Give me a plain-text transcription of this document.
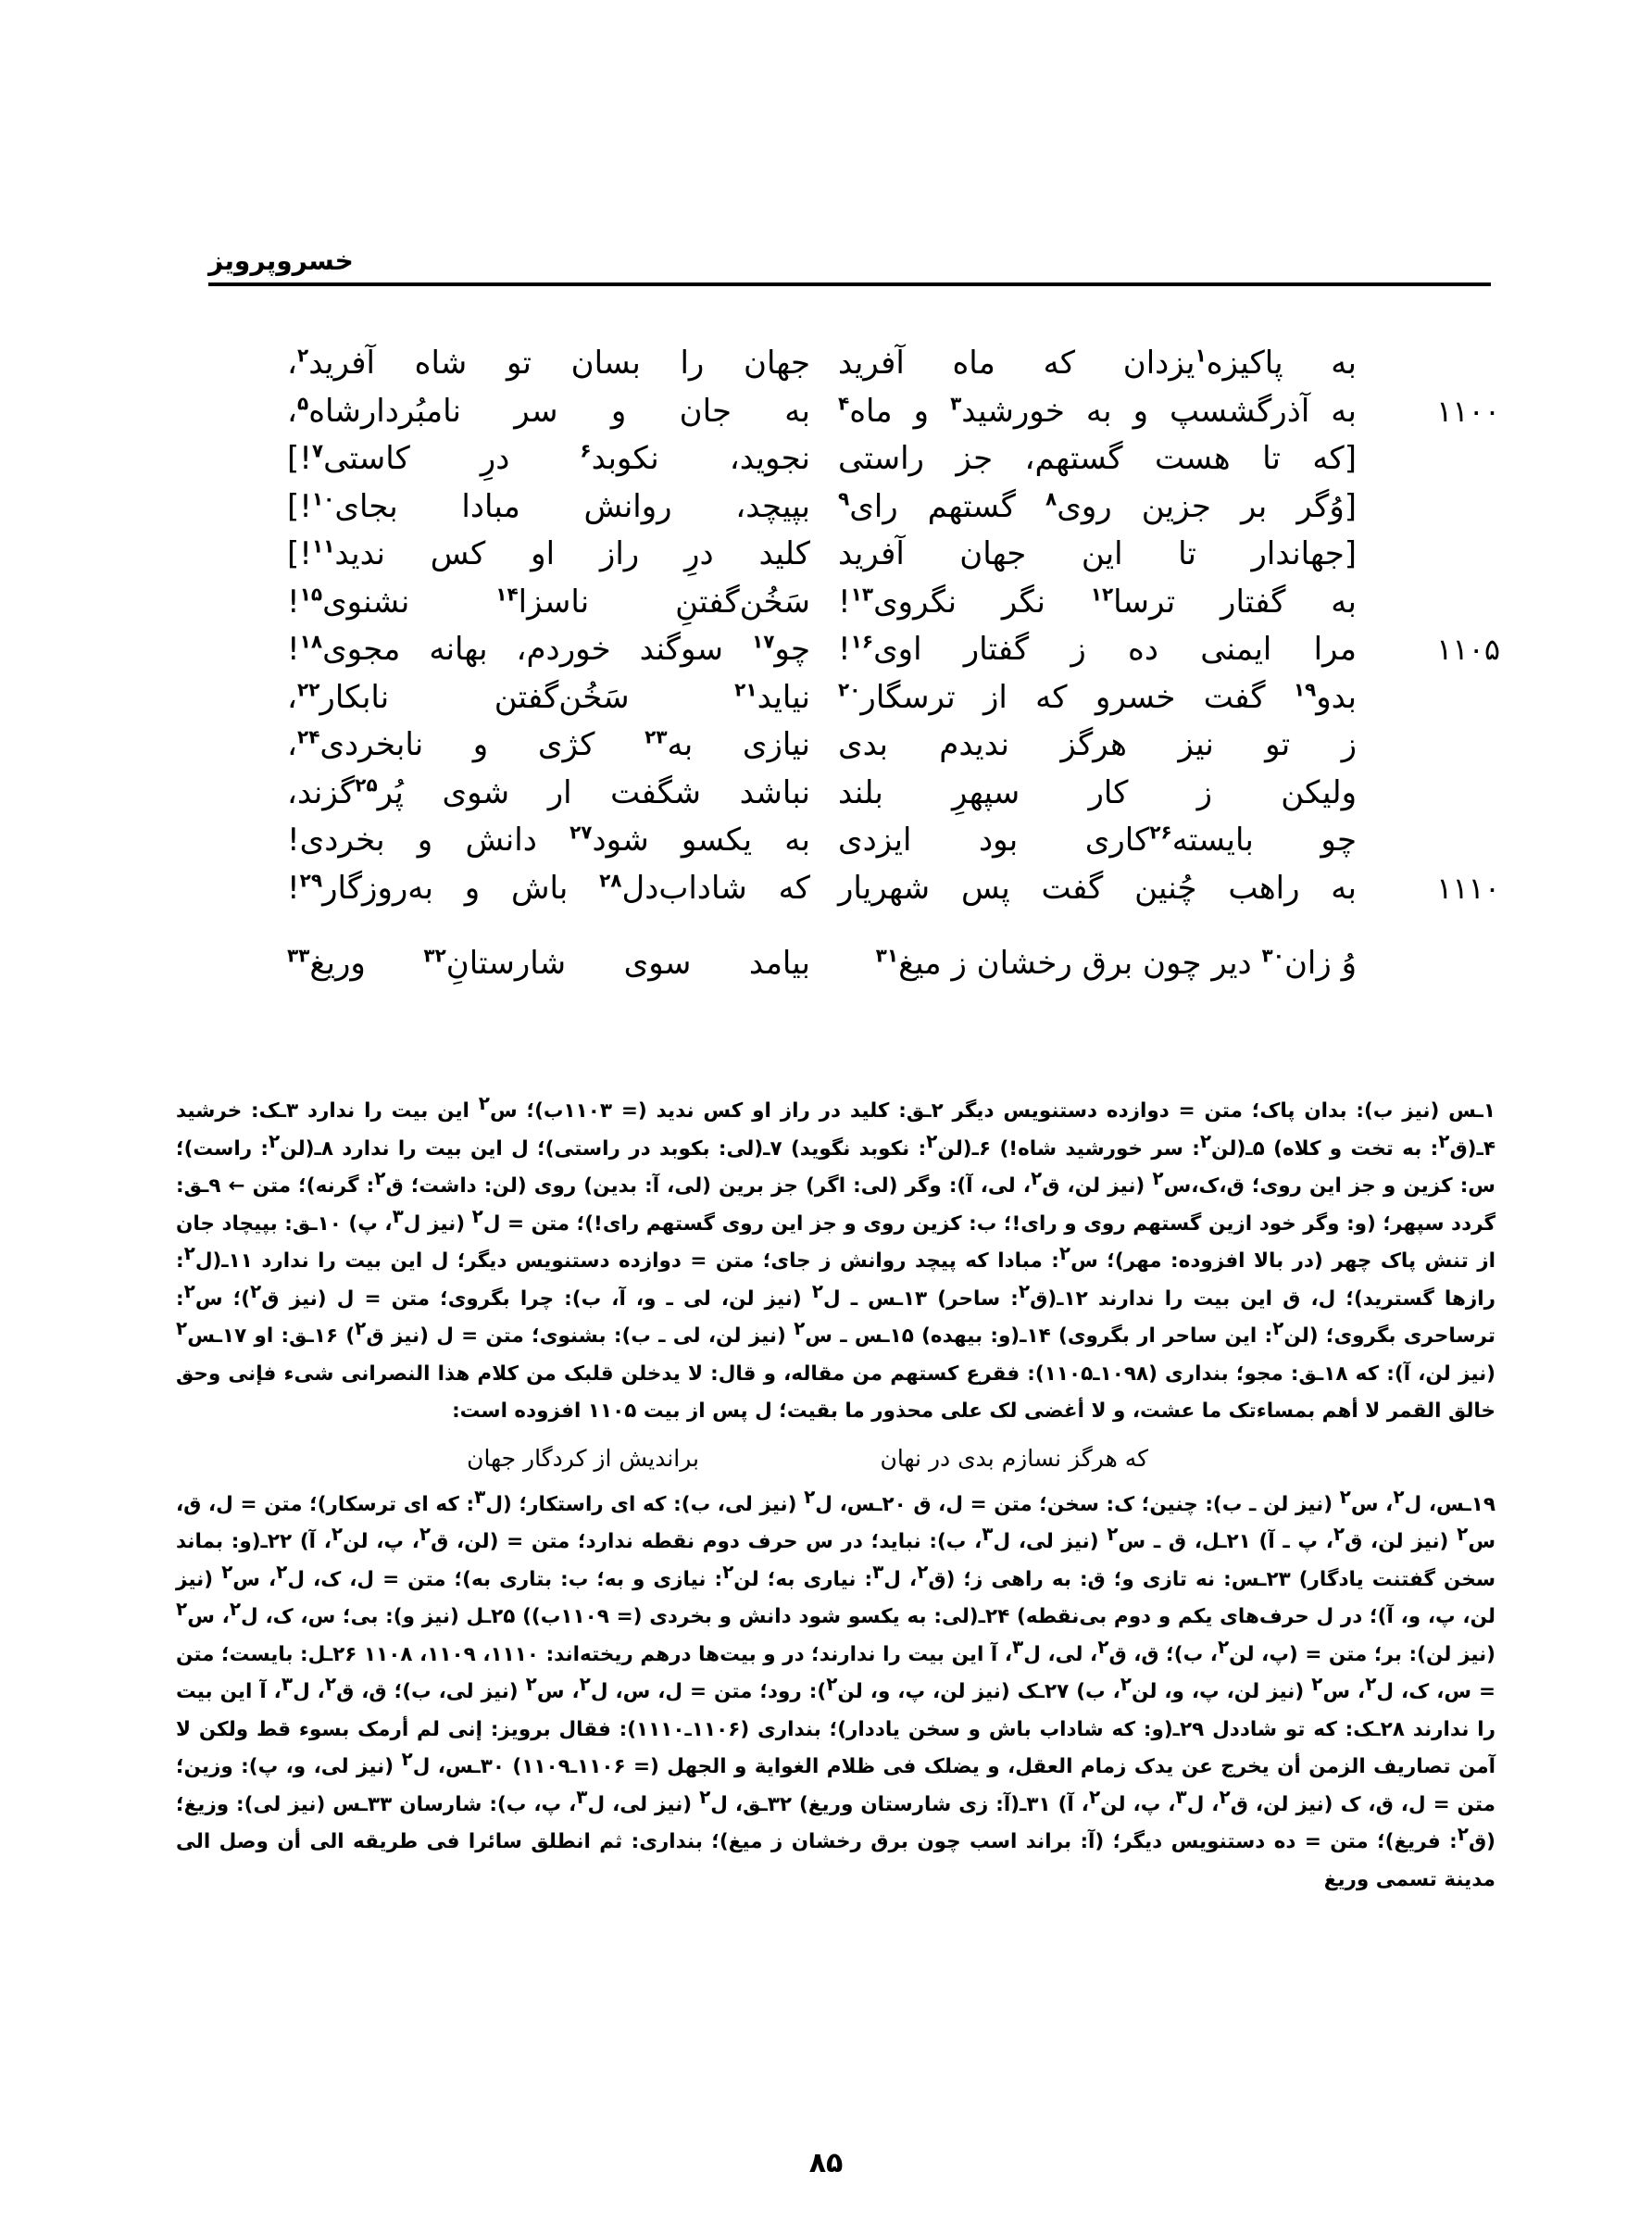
خسروپرویز
به پاکیزه$^۱$یزدان که ماه آفرید
جهان را بسان تو شاه آفرید$^۲$،
۱۱۰۰
به آذرگشسپ و به خورشید$^۳$ و ماه$^۴$
به جان و سر نامبُردارشاه$^۵$،
[که تا هست گستهم، جز راستی
نجوید، نکوبد$^۶$ درِ کاستی$^۷$!]
[وُگر بر جزین روی$^۸$ گستهم رای$^۹$
بپیچد، روانش مبادا بجای$^{۱۰}$!]
[جهاندار تا این جهان آفرید
کلید درِ راز او کس ندید$^{۱۱}$!]
به گفتار ترسا$^{۱۲}$ نگر نگروی$^{۱۳}$!
سَخُن‌گفتنِ ناسزا$^{۱۴}$ نشنوی$^{۱۵}$!
۱۱۰۵
مرا ایمنی ده ز گفتار اوی$^{۱۶}$!
چو$^{۱۷}$ سوگند خوردم، بهانه مجوی$^{۱۸}$!
بدو$^{۱۹}$ گفت خسرو که از ترسگار$^{۲۰}$
نیاید$^{۲۱}$ سَخُن‌گفتن نابکار$^{۲۲}$،
ز تو نیز هرگز ندیدم بدی
نیازی به$^{۲۳}$ کژی و نابخردی$^{۲۴}$،
ولیکن ز کار سپهرِ بلند
نباشد شگفت ار شوی پُر$^{۲۵}$گزند،
چو بایسته$^{۲۶}$کاری بود ایزدی
به یکسو شود$^{۲۷}$ دانش و بخردی!
۱۱۱۰
به راهب چُنین گفت پس شهریار
که شاداب‌دل$^{۲۸}$ باش و به‌روزگار$^{۲۹}$!
وُ زان$^{۳۰}$ دیر چون برق رخشان ز میغ$^{۳۱}$
بیامد سوی شارستانِ$^{۳۲}$ وریغ$^{۳۳}$

۱ـس (نیز ب): بدان پاک؛ متن = دوازده دستنویس دیگر ۲ـق: کلید در راز او کس ندید (= ۱۱۰۳ب)؛ س$^۲$ این بیت را ندارد ۳ـک: خرشید ۴ـ(ق$^۲$: به تخت و کلاه) ۵ـ(لن$^۲$: سر خورشید شاه!) ۶ـ(لن$^۲$: نکوبد نگوید) ۷ـ(لی: بکوبد در راستی)؛ ل این بیت را ندارد ۸ـ(لن$^۲$: راست)؛ س: کزین و جز این روی؛ ق،ک،س$^۲$ (نیز لن، ق$^۲$، لی، آ): وگر (لی: اگر) جز برین (لی، آ: بدین) روی (لن: داشت؛ ق$^۲$: گرنه)؛ متن ← ۹ـق: گردد سپهر؛ (و: وگر خود ازین گستهم روی و رای!؛ ب: کزین روی و جز این روی گستهم رای!)؛ متن = ل$^۲$ (نیز ل$^۳$، پ) ۱۰ـق: بپیچاد جان از تنش پاک چهر (در بالا افزوده: مهر)؛ س$^۲$: مبادا که پیچد روانش ز جای؛ متن = دوازده دستنویس دیگر؛ ل این بیت را ندارد ۱۱ـ(ل$^۲$: رازها گسترید)؛ ل، ق این بیت را ندارند ۱۲ـ(ق$^۲$: ساحر) ۱۳ـس ـ ل$^۲$ (نیز لن، لی ـ و، آ، ب): چرا بگروی؛ متن = ل (نیز ق$^۲$)؛ س$^۲$: ترساحری بگروی؛ (لن$^۲$: این ساحر ار بگروی) ۱۴ـ(و: بیهده) ۱۵ـس ـ س$^۲$ (نیز لن، لی ـ ب): بشنوی؛ متن = ل (نیز ق$^۲$) ۱۶ـق: او ۱۷ـس$^۲$ (نیز لن، آ): که ۱۸ـق: مجو؛ بنداری (۱۰۹۸ـ۱۱۰۵): فقرع کستهم من مقاله، و قال: لا یدخلن قلبک من کلام هذا النصرانی شیء فإنی وحق خالق القمر لا أهم بمساءتک ما عشت، و لا أغضی لک علی محذور ما بقیت؛ ل پس از بیت ۱۱۰۵ افزوده است:

که هرگز نسازم بدی در نهان
براندیش از کردگار جهان

۱۹ـس، ل$^۲$، س$^۲$ (نیز لن ـ ب): چنین؛ ک: سخن؛ متن = ل، ق ۲۰ـس، ل$^۲$ (نیز لی، ب): که ای راستکار؛ (ل$^۳$: که ای ترسکار)؛ متن = ل، ق، س$^۲$ (نیز لن، ق$^۲$، پ ـ آ) ۲۱ـل، ق ـ س$^۲$ (نیز لی، ل$^۳$، ب): نباید؛ در س حرف دوم نقطه ندارد؛ متن = (لن، ق$^۲$، پ، لن$^۲$، آ) ۲۲ـ(و: بماند سخن گفتنت یادگار) ۲۳ـس: نه تازی و؛ ق: به راهی ز؛ (ق$^۲$، ل$^۳$: نیاری به؛ لن$^۲$: نیازی و به؛ ب: بتاری به)؛ متن = ل، ک، ل$^۲$، س$^۲$ (نیز لن، پ، و، آ)؛ در ل حرف‌های یکم و دوم بی‌نقطه) ۲۴ـ(لی: به یکسو شود دانش و بخردی (= ۱۱۰۹ب)) ۲۵ـل (نیز و): بی؛ س، ک، ل$^۲$، س$^۲$ (نیز لن): بر؛ متن = (پ، لن$^۲$، ب)؛ ق، ق$^۲$، لی، ل$^۳$، آ این بیت را ندارند؛ در و بیت‌ها درهم ریخته‌اند: ۱۱۱۰، ۱۱۰۹، ۱۱۰۸ ۲۶ـل: بایست؛ متن = س، ک، ل$^۲$، س$^۲$ (نیز لن، پ، و، لن$^۲$، ب) ۲۷ـک (نیز لن، پ، و، لن$^۲$): رود؛ متن = ل، س، ل$^۲$، س$^۲$ (نیز لی، ب)؛ ق، ق$^۲$، ل$^۳$، آ این بیت را ندارند ۲۸ـک: که تو شاددل ۲۹ـ(و: که شاداب باش و سخن یاددار)؛ بنداری (۱۱۰۶ـ۱۱۱۰): فقال برویز: إنی لم أرمک بسوء قط ولکن لا آمن تصاریف الزمن أن یخرج عن یدک زمام العقل، و یضلک فی ظلام الغوایة و الجهل (= ۱۱۰۶ـ۱۱۰۹) ۳۰ـس، ل$^۲$ (نیز لی، و، پ): وزین؛ متن = ل، ق، ک (نیز لن، ق$^۲$، ل$^۳$، پ، لن$^۲$، آ) ۳۱ـ(آ: زی شارستان وریغ) ۳۲ـق، ل$^۲$ (نیز لی، ل$^۳$، پ، ب): شارسان ۳۳ـس (نیز لی): وزیغ؛ (ق$^۲$: فریغ)؛ متن = ده دستنویس دیگر؛ (آ: براند اسب چون برق رخشان ز میغ)؛ بنداری: ثم انطلق سائرا فی طریقه الی أن وصل الی مدینة تسمی وریغ

۸۵
